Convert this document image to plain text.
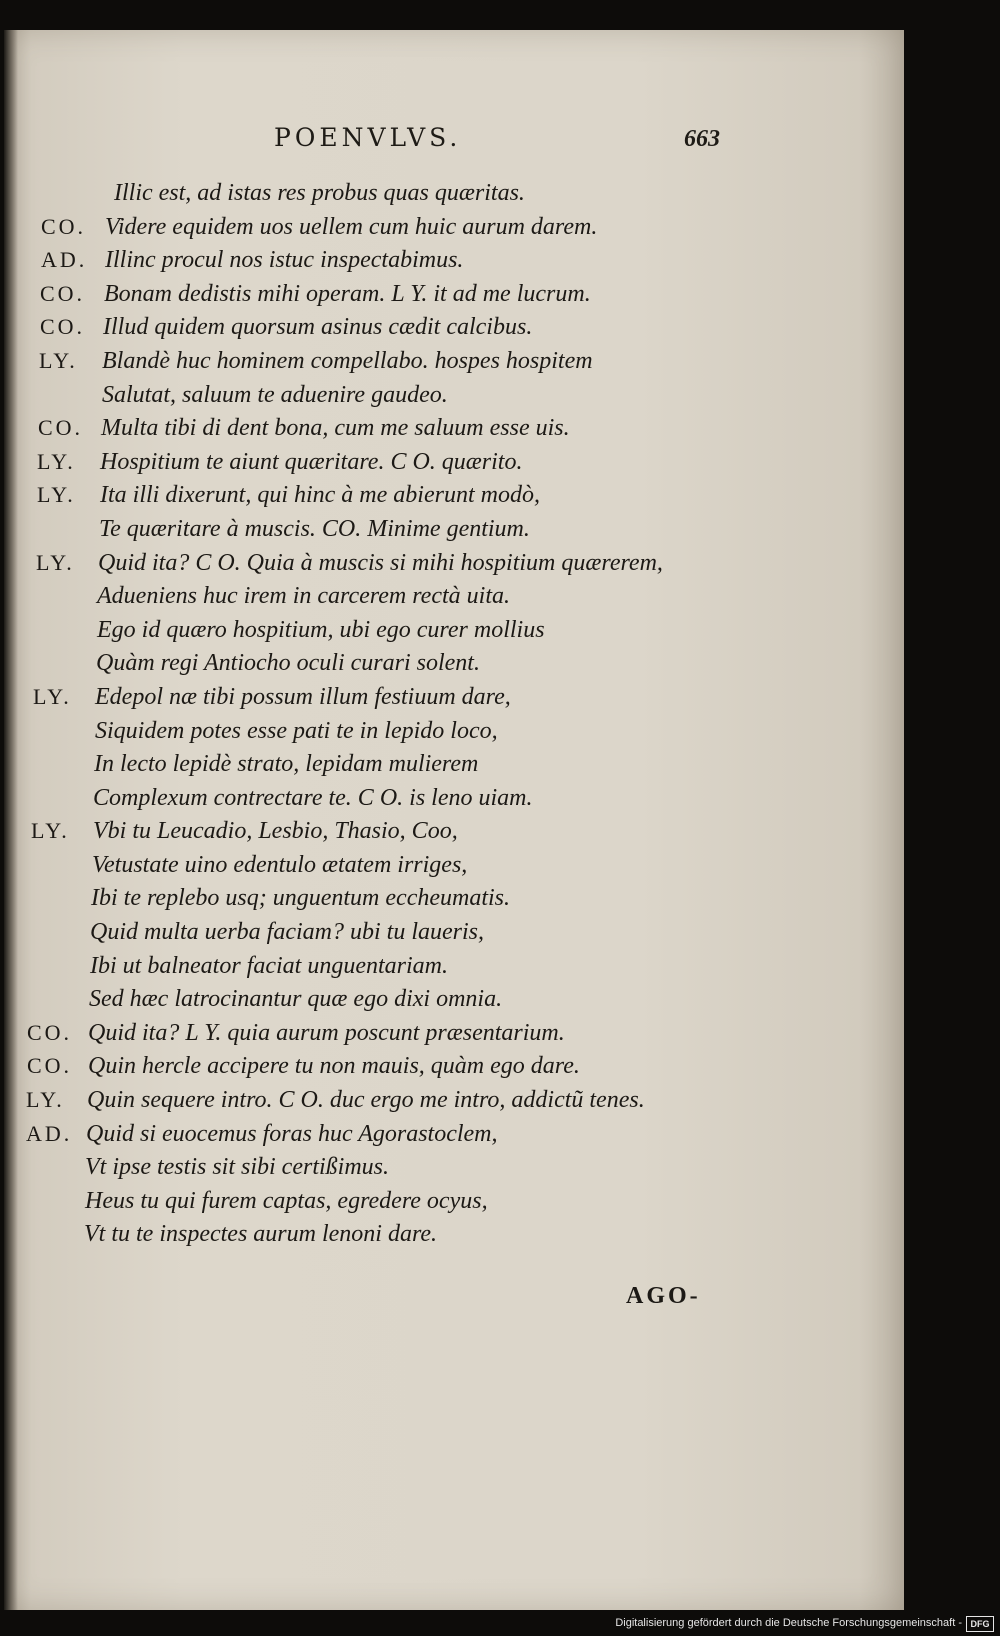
POENVLVS.	663
Illic est, ad istas res probus quas quæritas.
CO. Videre equidem uos uellem cum huic aurum darem.
AD. Illinc procul nos istuc inspectabimus.
CO. Bonam dedistis mihi operam. L Y. it ad me lucrum.
CO. Illud quidem quorsum asinus cædit calcibus.
LY. Blandè huc hominem compellabo. hospes hospitem
Salutat, saluum te aduenire gaudeo.
CO. Multa tibi di dent bona, cum me saluum esse uis.
LY. Hospitium te aiunt quæritare. C O. quærito.
LY. Ita illi dixerunt, qui hinc à me abierunt modò,
Te quæritare à muscis. CO. Minime gentium.
LY. Quid ita? C O. Quia à muscis si mihi hospitium quærerem,
Adueniens huc irem in carcerem rectà uita.
Ego id quæro hospitium, ubi ego curer mollius
Quàm regi Antiocho oculi curari solent.
LY. Edepol næ tibi possum illum festiuum dare,
Siquidem potes esse pati te in lepido loco,
In lecto lepidè strato, lepidam mulierem
Complexum contrectare te. C O. is leno uiam.
LY. Vbi tu Leucadio, Lesbio, Thasio, Coo,
Vetustate uino edentulo ætatem irriges,
Ibi te replebo usq; unguentum eccheumatis.
Quid multa uerba faciam? ubi tu laueris,
Ibi ut balneator faciat unguentariam.
Sed hæc latrocinantur quæ ego dixi omnia.
CO. Quid ita? L Y. quia aurum poscunt præsentarium.
CO. Quin hercle accipere tu non mauis, quàm ego dare.
LY. Quin sequere intro. C O. duc ergo me intro, addictũ tenes.
AD. Quid si euocemus foras huc Agorastoclem,
Vt ipse testis sit sibi certißimus.
Heus tu qui furem captas, egredere ocyus,
Vt tu te inspectes aurum lenoni dare.
AGO-
Digitalisierung gefördert durch die Deutsche Forschungsgemeinschaft - DFG
